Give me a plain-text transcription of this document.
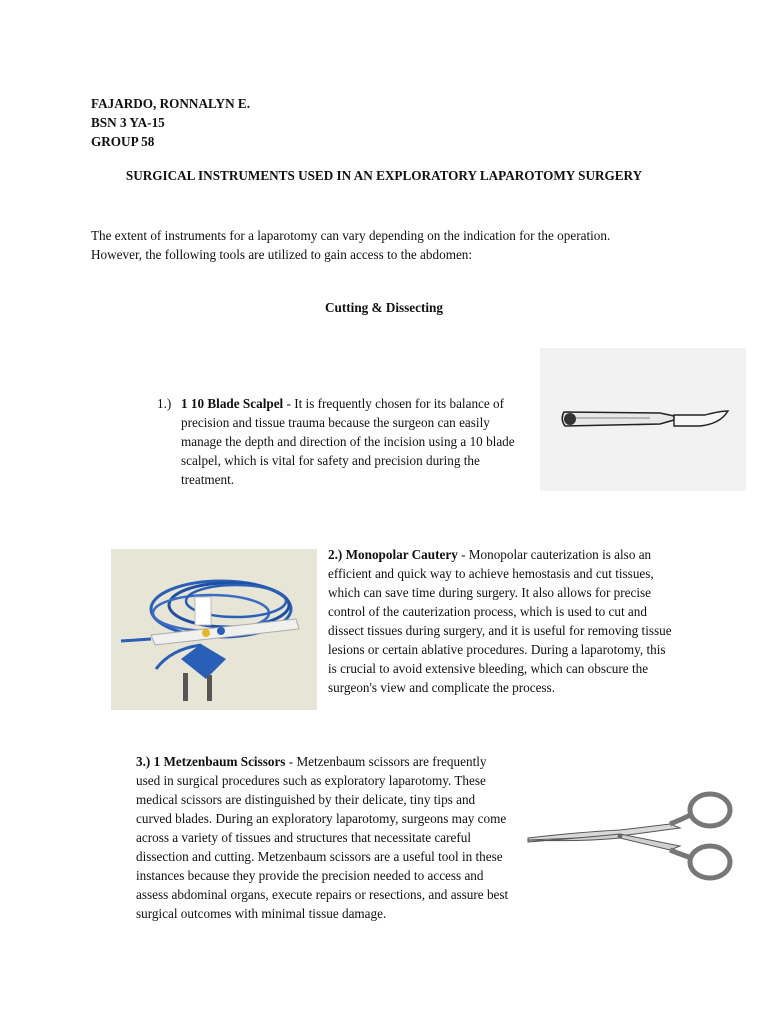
FAJARDO, RONNALYN E.
BSN 3 YA-15
GROUP 58
SURGICAL INSTRUMENTS USED IN AN EXPLORATORY LAPAROTOMY SURGERY
The extent of instruments for a laparotomy can vary depending on the indication for the operation. However, the following tools are utilized to gain access to the abdomen:
Cutting & Dissecting
1.) 1 10 Blade Scalpel - It is frequently chosen for its balance of precision and tissue trauma because the surgeon can easily manage the depth and direction of the incision using a 10 blade scalpel, which is vital for safety and precision during the treatment.
2.) Monopolar Cautery - Monopolar cauterization is also an efficient and quick way to achieve hemostasis and cut tissues, which can save time during surgery. It also allows for precise control of the cauterization process, which is used to cut and dissect tissues during surgery, and it is useful for removing tissue lesions or certain ablative procedures. During a laparotomy, this is crucial to avoid extensive bleeding, which can obscure the surgeon's view and complicate the process.
3.) 1 Metzenbaum Scissors - Metzenbaum scissors are frequently used in surgical procedures such as exploratory laparotomy. These medical scissors are distinguished by their delicate, tiny tips and curved blades. During an exploratory laparotomy, surgeons may come across a variety of tissues and structures that necessitate careful dissection and cutting. Metzenbaum scissors are a useful tool in these instances because they provide the precision needed to access and assess abdominal organs, execute repairs or resections, and assure best surgical outcomes with minimal tissue damage.
